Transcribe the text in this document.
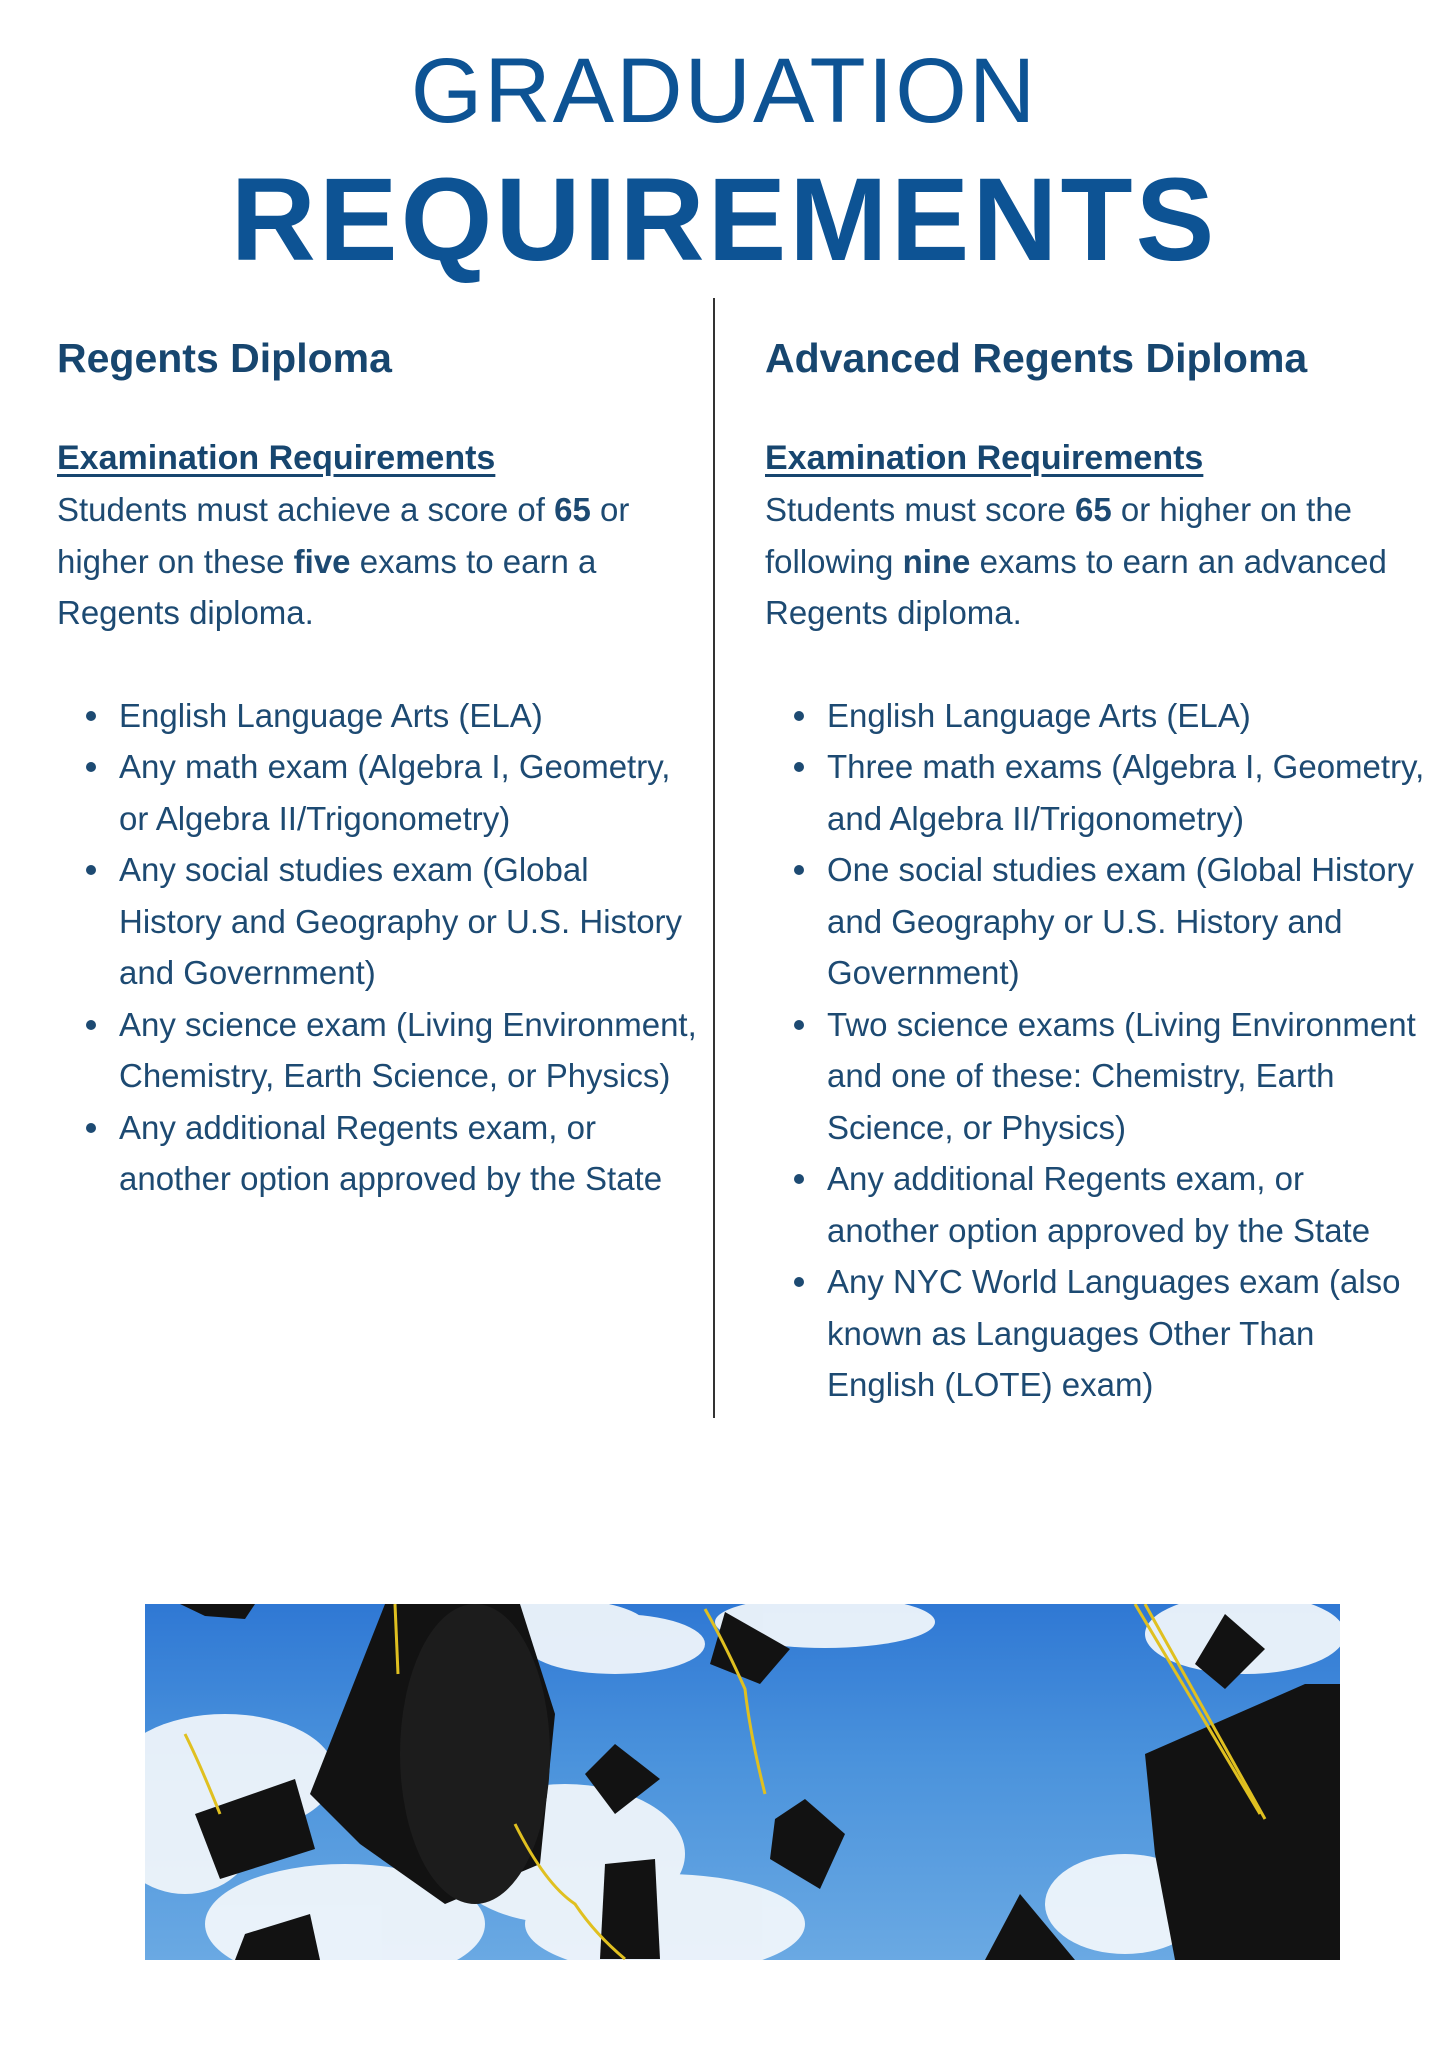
GRADUATION
REQUIREMENTS
Regents Diploma
Examination Requirements

Students must achieve a score of 65 or higher on these five exams to earn a Regents diploma.

English Language Arts (ELA)
Any math exam (Algebra I, Geometry, or Algebra II/Trigonometry)
Any social studies exam (Global History and Geography or U.S. History and Government)
Any science exam (Living Environment, Chemistry, Earth Science, or Physics)
Any additional Regents exam, or another option approved by the State
Advanced Regents Diploma
Examination Requirements

Students must score 65 or higher on the following nine exams to earn an advanced Regents diploma.

English Language Arts (ELA)
Three math exams (Algebra I, Geometry, and Algebra II/Trigonometry)
One social studies exam (Global History and Geography or U.S. History and Government)
Two science exams (Living Environment and one of these: Chemistry, Earth Science, or Physics)
Any additional Regents exam, or another option approved by the State
Any NYC World Languages exam (also known as Languages Other Than English (LOTE) exam)
